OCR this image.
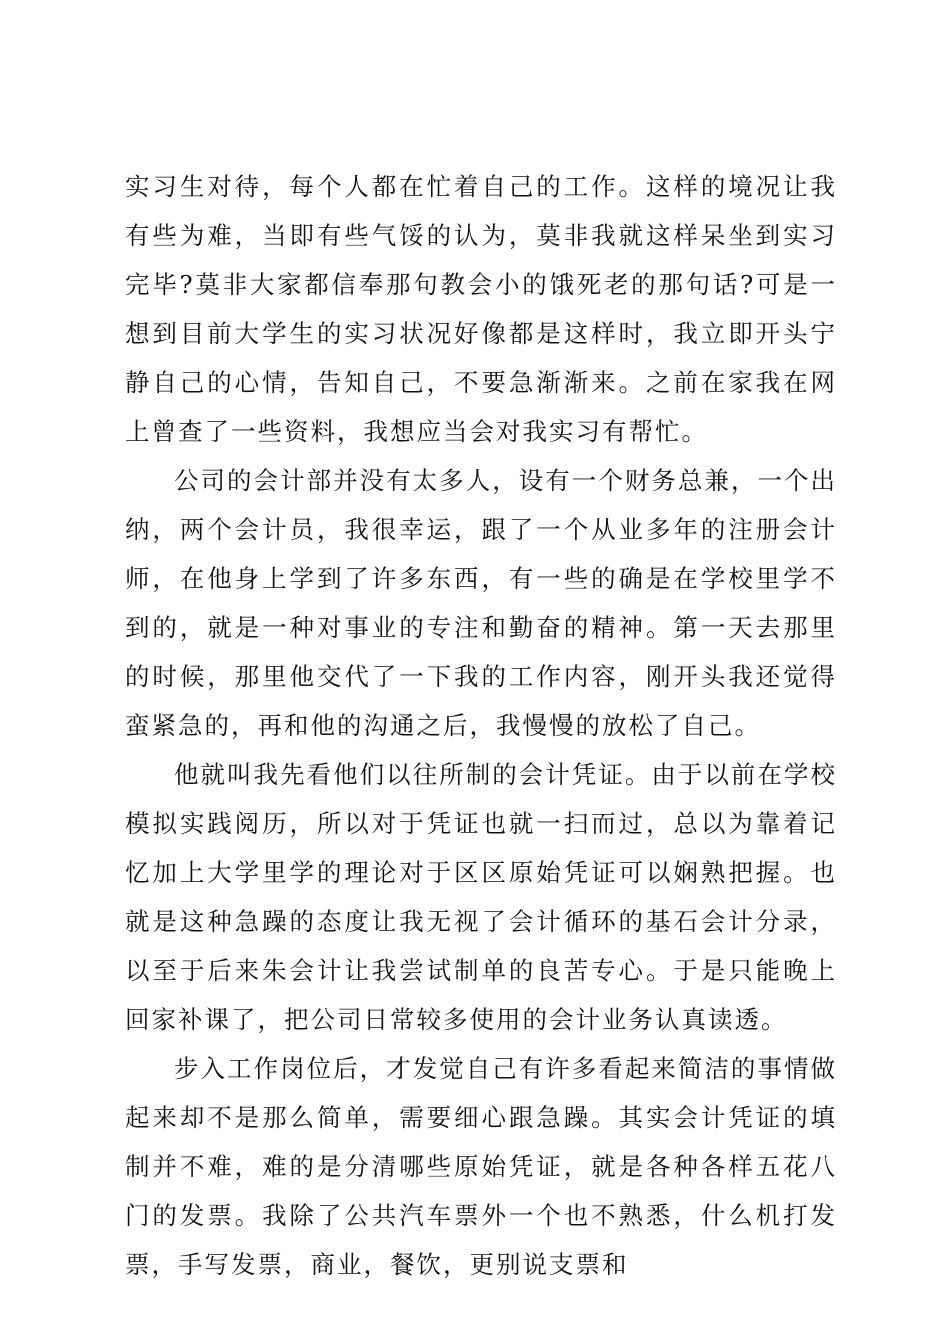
实习生对待，每个人都在忙着自己的工作。这样的境况让我有些为难，当即有些气馁的认为，莫非我就这样呆坐到实习完毕?莫非大家都信奉那句教会小的饿死老的那句话?可是一想到目前大学生的实习状况好像都是这样时，我立即开头宁静自己的心情，告知自己，不要急渐渐来。之前在家我在网上曾查了一些资料，我想应当会对我实习有帮忙。

公司的会计部并没有太多人，设有一个财务总兼，一个出纳，两个会计员，我很幸运，跟了一个从业多年的注册会计师，在他身上学到了许多东西，有一些的确是在学校里学不到的，就是一种对事业的专注和勤奋的精神。第一天去那里的时候，那里他交代了一下我的工作内容，刚开头我还觉得蛮紧急的，再和他的沟通之后，我慢慢的放松了自己。

他就叫我先看他们以往所制的会计凭证。由于以前在学校模拟实践阅历，所以对于凭证也就一扫而过，总以为靠着记忆加上大学里学的理论对于区区原始凭证可以娴熟把握。也就是这种急躁的态度让我无视了会计循环的基石会计分录，以至于后来朱会计让我尝试制单的良苦专心。于是只能晚上回家补课了，把公司日常较多使用的会计业务认真读透。

步入工作岗位后，才发觉自己有许多看起来简洁的事情做起来却不是那么简单，需要细心跟急躁。其实会计凭证的填制并不难，难的是分清哪些原始凭证，就是各种各样五花八门的发票。我除了公共汽车票外一个也不熟悉，什么机打发票，手写发票，商业，餐饮，更别说支票和
